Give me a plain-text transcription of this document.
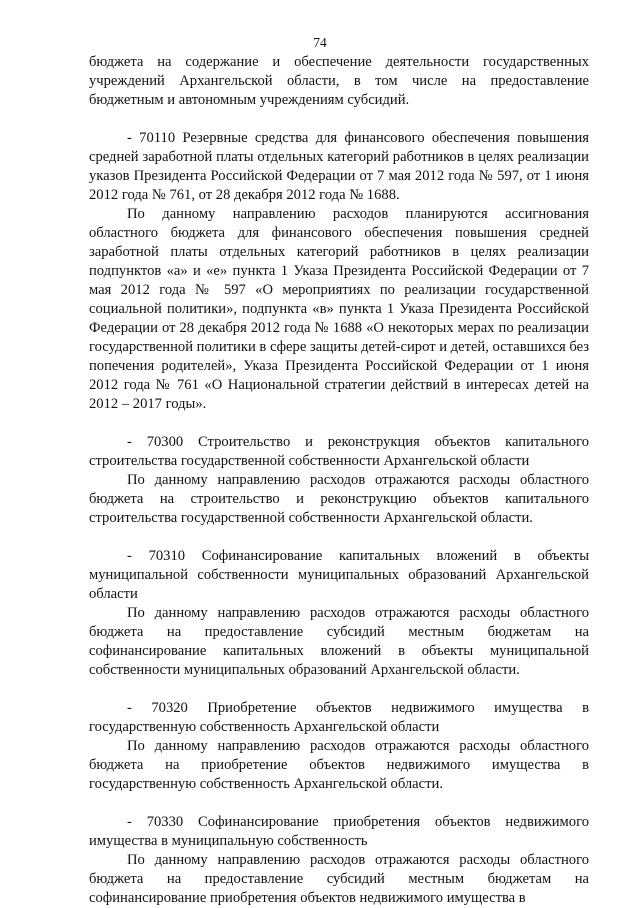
74

бюджета на содержание и обеспечение деятельности государственных учреждений Архангельской области, в том числе на предоставление бюджетным и автономным учреждениям субсидий.

- 70110 Резервные средства для финансового обеспечения повышения средней заработной платы отдельных категорий работников в целях реализации указов Президента Российской Федерации от 7 мая 2012 года № 597, от 1 июня 2012 года № 761, от 28 декабря 2012 года № 1688.

По данному направлению расходов планируются ассигнования областного бюджета для финансового обеспечения повышения средней заработной платы отдельных категорий работников в целях реализации подпунктов «а» и «е» пункта 1 Указа Президента Российской Федерации от 7 мая 2012 года № 597 «О мероприятиях по реализации государственной социальной политики», подпункта «в» пункта 1 Указа Президента Российской Федерации от 28 декабря 2012 года № 1688 «О некоторых мерах по реализации государственной политики в сфере защиты детей-сирот и детей, оставшихся без попечения родителей», Указа Президента Российской Федерации от 1 июня 2012 года № 761 «О Национальной стратегии действий в интересах детей на 2012 – 2017 годы».

- 70300 Строительство и реконструкция объектов капитального строительства государственной собственности Архангельской области

По данному направлению расходов отражаются расходы областного бюджета на строительство и реконструкцию объектов капитального строительства государственной собственности Архангельской области.

- 70310 Софинансирование капитальных вложений в объекты муниципальной собственности муниципальных образований Архангельской области

По данному направлению расходов отражаются расходы областного бюджета на предоставление субсидий местным бюджетам на софинансирование капитальных вложений в объекты муниципальной собственности муниципальных образований Архангельской области.

- 70320 Приобретение объектов недвижимого имущества в государственную собственность Архангельской области

По данному направлению расходов отражаются расходы областного бюджета на приобретение объектов недвижимого имущества в государственную собственность Архангельской области.

- 70330 Софинансирование приобретения объектов недвижимого имущества в муниципальную собственность

По данному направлению расходов отражаются расходы областного бюджета на предоставление субсидий местным бюджетам на софинансирование приобретения объектов недвижимого имущества в
